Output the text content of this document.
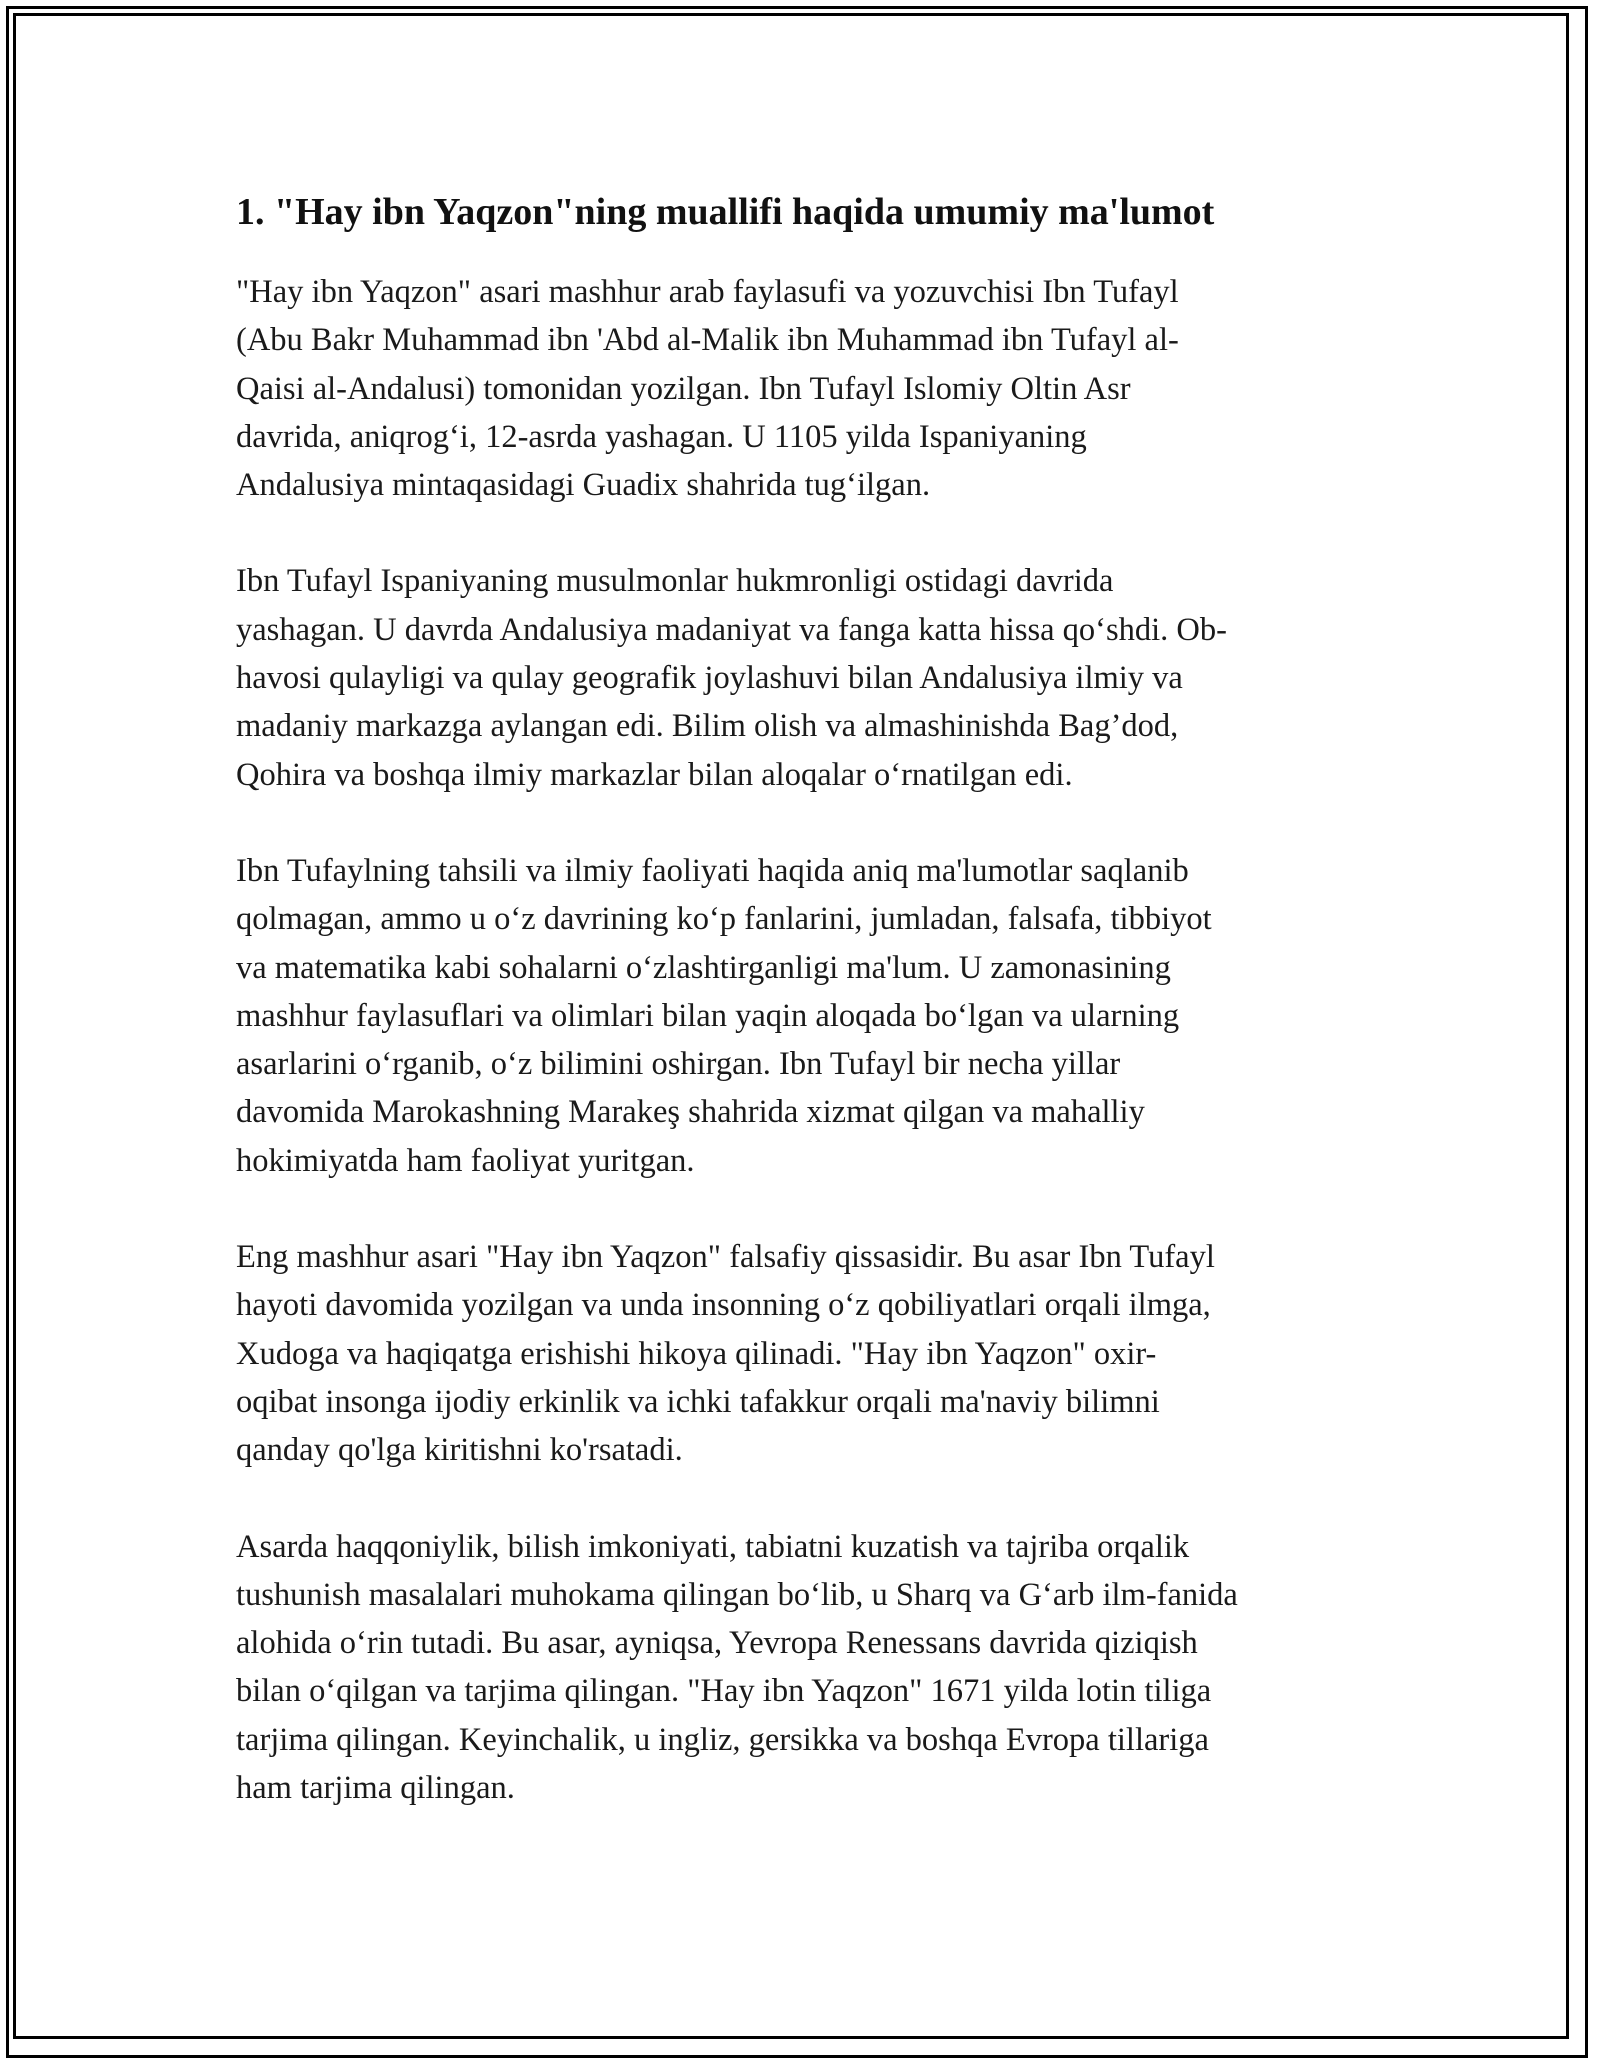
1. "Hay ibn Yaqzon"ning muallifi haqida umumiy ma'lumot

"Hay ibn Yaqzon" asari mashhur arab faylasufi va yozuvchisi Ibn Tufayl
(Abu Bakr Muhammad ibn 'Abd al-Malik ibn Muhammad ibn Tufayl al-
Qaisi al-Andalusi) tomonidan yozilgan. Ibn Tufayl Islomiy Oltin Asr
davrida, aniqrog‘i, 12-asrda yashagan. U 1105 yilda Ispaniyaning
Andalusiya mintaqasidagi Guadix shahrida tug‘ilgan.

Ibn Tufayl Ispaniyaning musulmonlar hukmronligi ostidagi davrida
yashagan. U davrda Andalusiya madaniyat va fanga katta hissa qo‘shdi. Ob-
havosi qulayligi va qulay geografik joylashuvi bilan Andalusiya ilmiy va
madaniy markazga aylangan edi. Bilim olish va almashinishda Bag’dod,
Qohira va boshqa ilmiy markazlar bilan aloqalar o‘rnatilgan edi.

Ibn Tufaylning tahsili va ilmiy faoliyati haqida aniq ma'lumotlar saqlanib
qolmagan, ammo u o‘z davrining ko‘p fanlarini, jumladan, falsafa, tibbiyot
va matematika kabi sohalarni o‘zlashtirganligi ma'lum. U zamonasining
mashhur faylasuflari va olimlari bilan yaqin aloqada bo‘lgan va ularning
asarlarini o‘rganib, o‘z bilimini oshirgan. Ibn Tufayl bir necha yillar
davomida Marokashning Marakeş shahrida xizmat qilgan va mahalliy
hokimiyatda ham faoliyat yuritgan.

Eng mashhur asari "Hay ibn Yaqzon" falsafiy qissasidir. Bu asar Ibn Tufayl
hayoti davomida yozilgan va unda insonning o‘z qobiliyatlari orqali ilmga,
Xudoga va haqiqatga erishishi hikoya qilinadi. "Hay ibn Yaqzon" oxir-
oqibat insonga ijodiy erkinlik va ichki tafakkur orqali ma'naviy bilimni
qanday qo'lga kiritishni ko'rsatadi.

Asarda haqqoniylik, bilish imkoniyati, tabiatni kuzatish va tajriba orqalik
tushunish masalalari muhokama qilingan bo‘lib, u Sharq va G‘arb ilm-fanida
alohida o‘rin tutadi. Bu asar, ayniqsa, Yevropa Renessans davrida qiziqish
bilan o‘qilgan va tarjima qilingan. "Hay ibn Yaqzon" 1671 yilda lotin tiliga
tarjima qilingan. Keyinchalik, u ingliz, gersikka va boshqa Evropa tillariga
ham tarjima qilingan.
